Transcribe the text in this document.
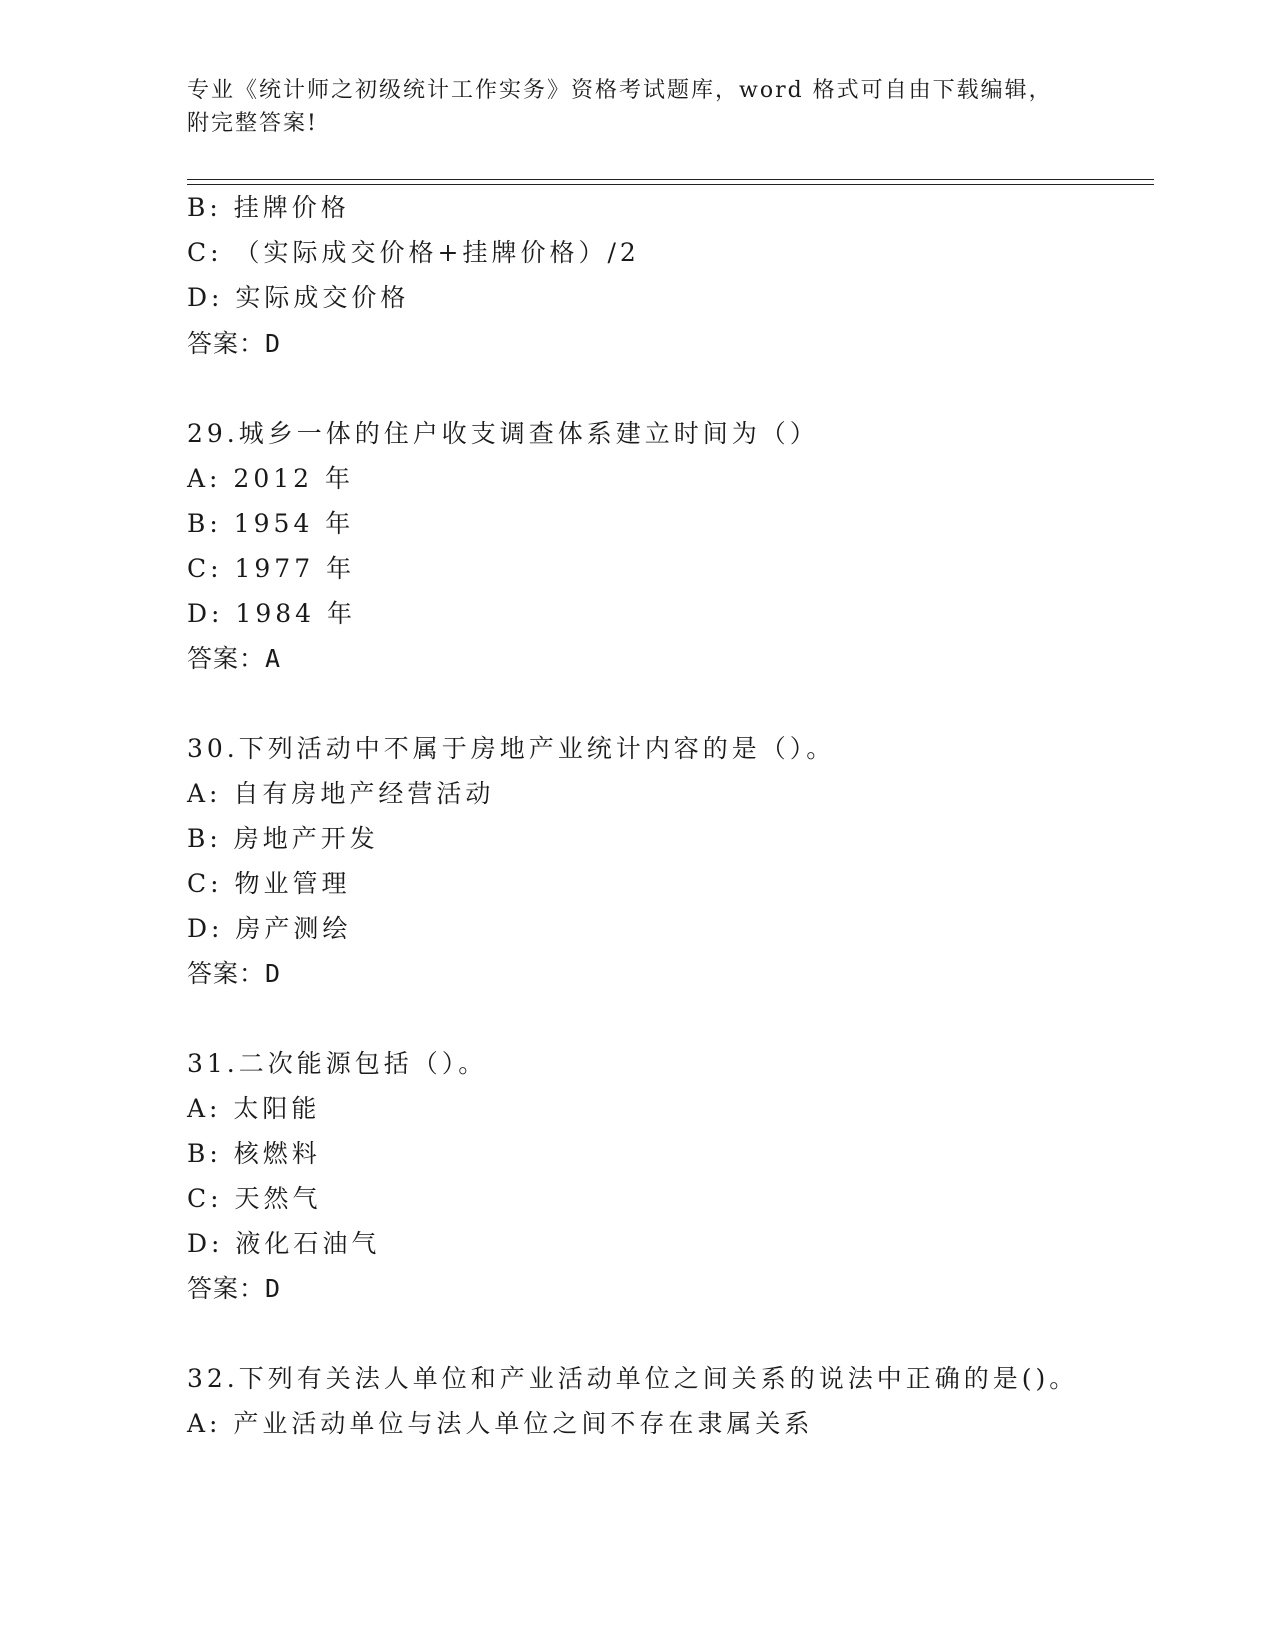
专业《统计师之初级统计工作实务》资格考试题库，word 格式可自由下载编辑，
附完整答案!
B: 挂牌价格
C: （实际成交价格+挂牌价格）/2
D: 实际成交价格
答案：D
29.城乡一体的住户收支调查体系建立时间为（）
A: 2012 年
B: 1954 年
C: 1977 年
D: 1984 年
答案：A
30.下列活动中不属于房地产业统计内容的是（）。
A: 自有房地产经营活动
B: 房地产开发
C: 物业管理
D: 房产测绘
答案：D
31.二次能源包括（）。
A: 太阳能
B: 核燃料
C: 天然气
D: 液化石油气
答案：D
32.下列有关法人单位和产业活动单位之间关系的说法中正确的是()。
A: 产业活动单位与法人单位之间不存在隶属关系
